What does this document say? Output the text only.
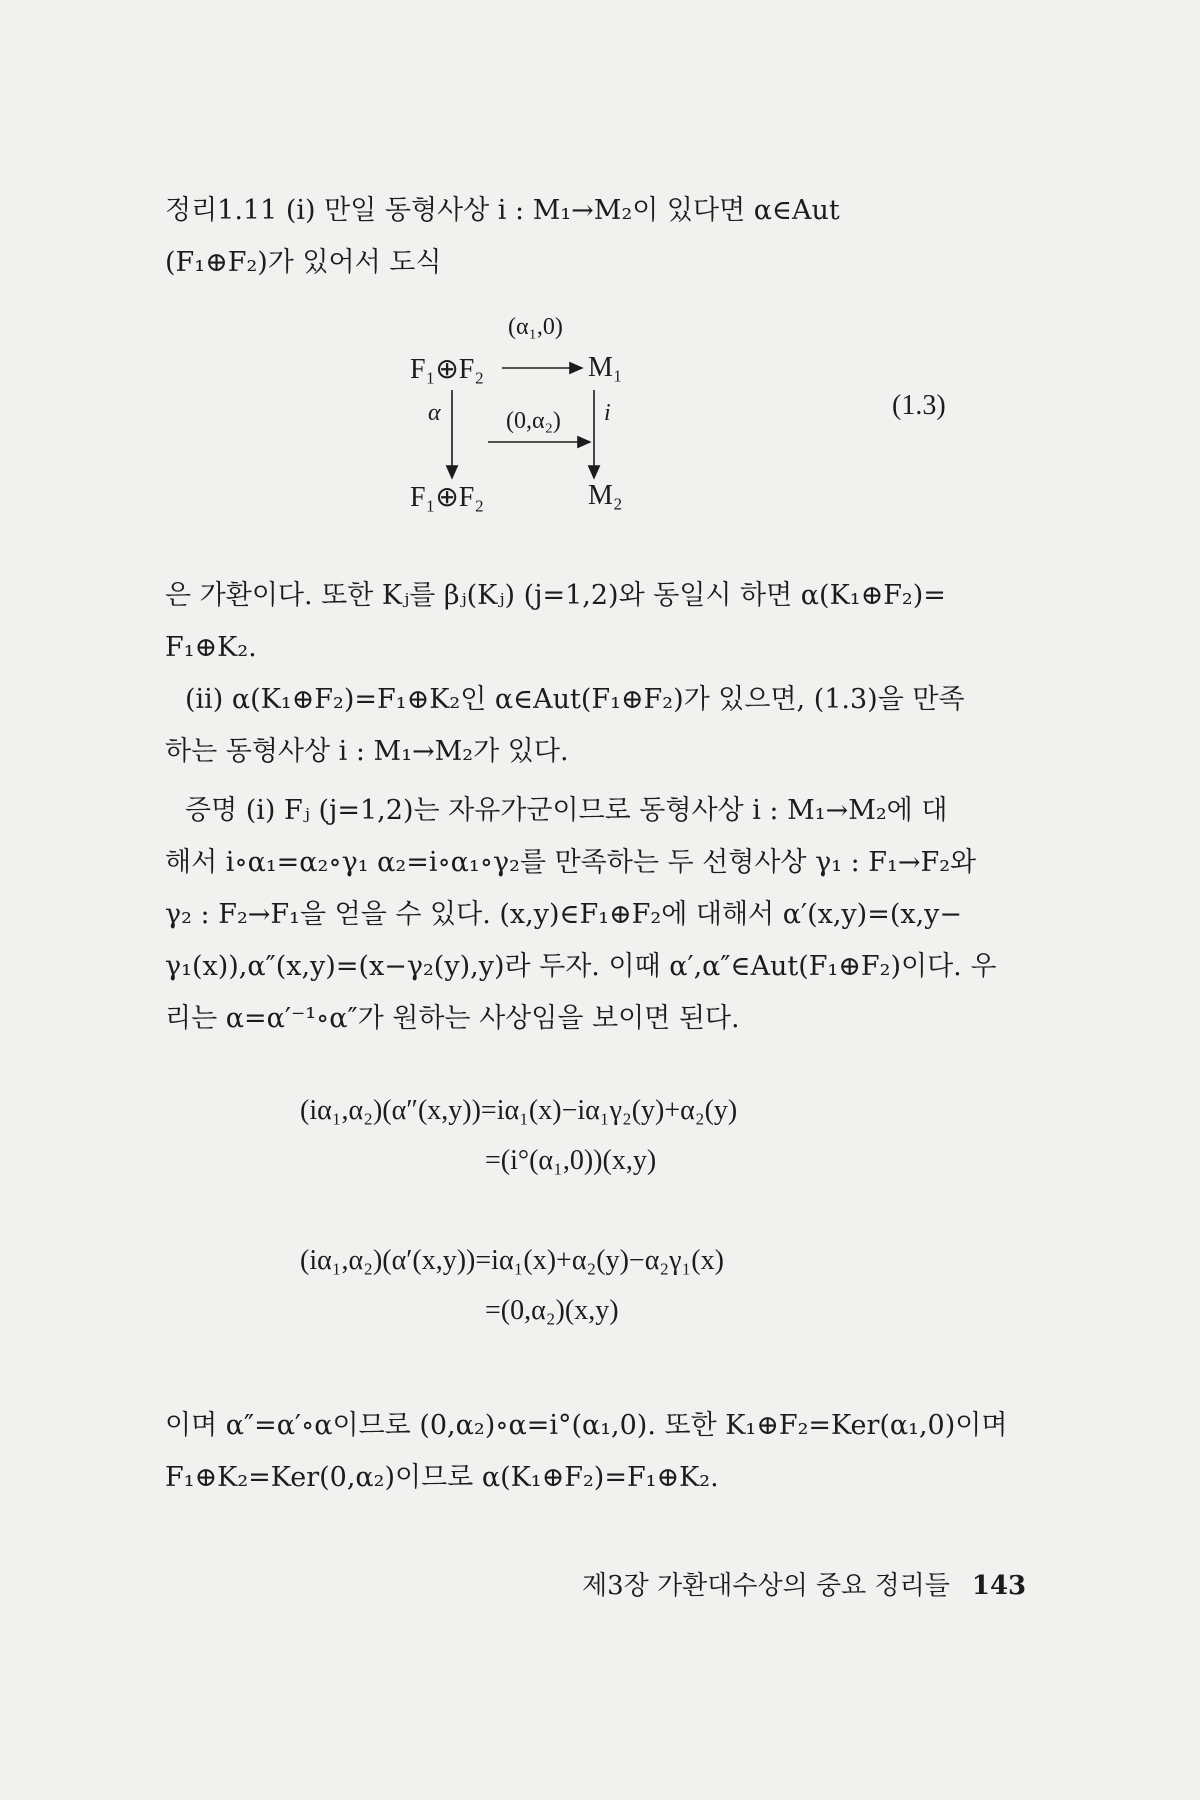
정리1.11 (i) 만일 동형사상 i : M₁→M₂이 있다면 α∈Aut
(F₁⊕F₂)가 있어서 도식
F₁⊕F₂	M₁
F₁⊕F₂	M₂
(α₁,0)
(0,α₂)
α	i	(1.3)
은 가환이다. 또한 Kⱼ를 βⱼ(Kⱼ) (j=1,2)와 동일시 하면 α(K₁⊕F₂)=
F₁⊕K₂.
(ii) α(K₁⊕F₂)=F₁⊕K₂인 α∈Aut(F₁⊕F₂)가 있으면, (1.3)을 만족
하는 동형사상 i : M₁→M₂가 있다.
증명 (i) Fⱼ (j=1,2)는 자유가군이므로 동형사상 i : M₁→M₂에 대
해서 i∘α₁=α₂∘γ₁ α₂=i∘α₁∘γ₂를 만족하는 두 선형사상 γ₁ : F₁→F₂와
γ₂ : F₂→F₁을 얻을 수 있다. (x,y)∈F₁⊕F₂에 대해서 α′(x,y)=(x,y−
γ₁(x)),α″(x,y)=(x−γ₂(y),y)라 두자. 이때 α′,α″∈Aut(F₁⊕F₂)이다. 우
리는 α=α′⁻¹∘α″가 원하는 사상임을 보이면 된다.
(iα₁,α₂)(α″(x,y))=iα₁(x)−iα₁γ₂(y)+α₂(y)
=(i°(α₁,0))(x,y)
(iα₁,α₂)(α′(x,y))=iα₁(x)+α₂(y)−α₂γ₁(x)
=(0,α₂)(x,y)
이며 α″=α′∘α이므로 (0,α₂)∘α=i°(α₁,0). 또한 K₁⊕F₂=Ker(α₁,0)이며
F₁⊕K₂=Ker(0,α₂)이므로 α(K₁⊕F₂)=F₁⊕K₂.
제3장 가환대수상의 중요 정리들 143
